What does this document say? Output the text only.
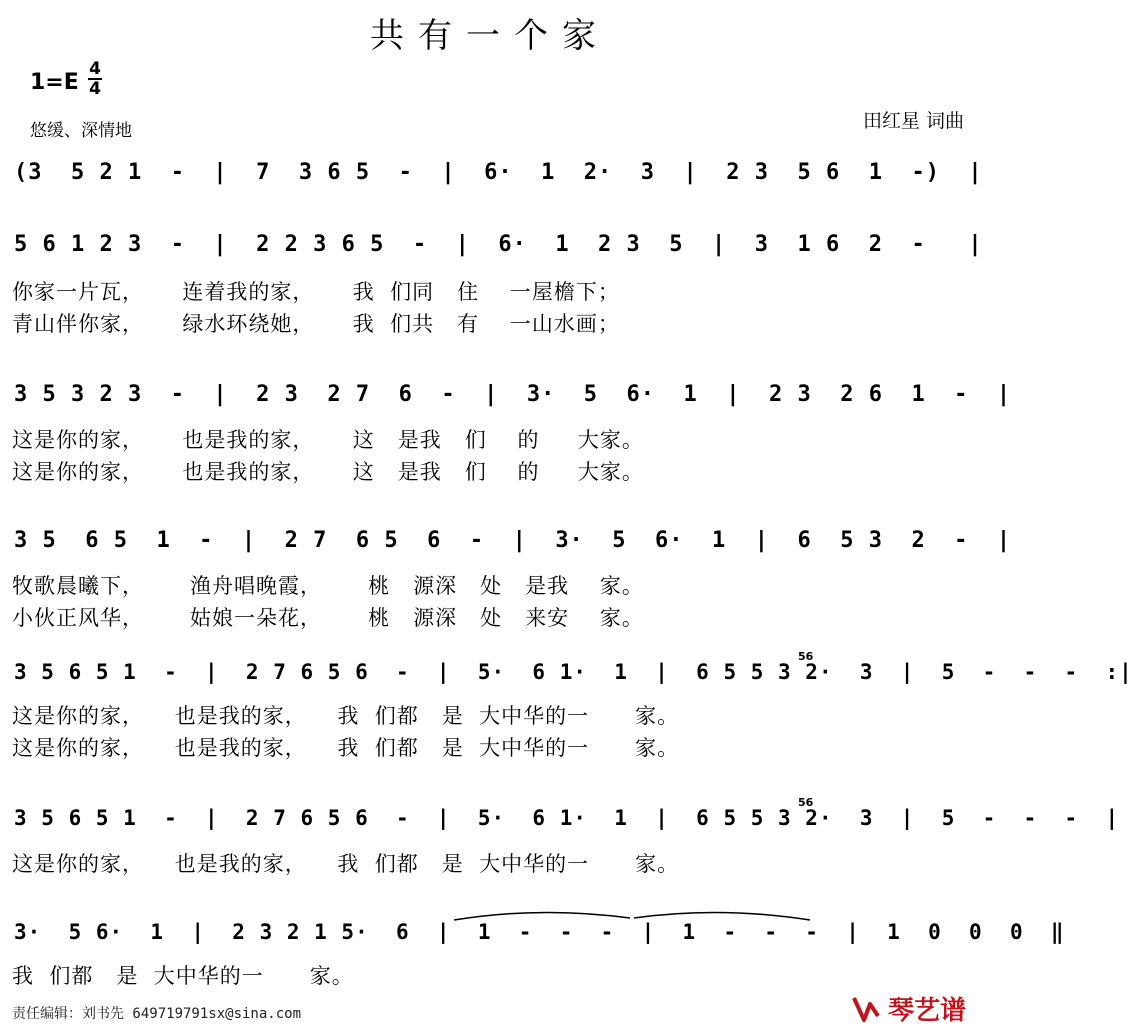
共有一个家
1=E
4
4
悠缓、深情地	田红星 词曲
(3  5 2 1  -  |  7  3 6 5  -  |  6·  1  2·  3  |  2 3  5 6  1  -)  |
5 6 1 2 3  -  |  2 2 3 6 5  -  |  6·  1  2 3  5  |  3  1 6  2  -   |
你家一片瓦，     连着我的家，     我  们同   住    一屋檐下；
青山伴你家，     绿水环绕她，     我  们共   有    一山水画；
3 5 3 2 3  -  |  2 3  2 7  6  -  |  3·  5  6·  1  |  2 3  2 6  1  -  |
这是你的家，     也是我的家，     这   是我   们    的     大家。
这是你的家，     也是我的家，     这   是我   们    的     大家。
3 5  6 5  1  -  |  2 7  6 5  6  -  |  3·  5  6·  1  |  6  5 3  2  -  |
牧歌晨曦下，      渔舟唱晚霞，      桃   源深   处   是我    家。
小伙正风华，      姑娘一朵花，      桃   源深   处   来安    家。
3 5 6 5 1  -  |  2 7 6 5 6  -  |  5·  6 1·  1  |  6 5 5 3 2·  3  |  5  -  -  -  :|
这是你的家，    也是我的家，    我  们都   是  大中华的一      家。
这是你的家，    也是我的家，    我  们都   是  大中华的一      家。
56
3 5 6 5 1  -  |  2 7 6 5 6  -  |  5·  6 1·  1  |  6 5 5 3 2·  3  |  5  -  -  -  |
这是你的家，    也是我的家，    我  们都   是  大中华的一      家。
56
3·  5 6·  1  |  2 3 2 1 5·  6  |  1  -  -  -  |  1  -  -  -  |  1  0  0  0  ‖
我  们都   是  大中华的一      家。
责任编辑：刘书先 649719791sx@sina.com	琴艺谱
